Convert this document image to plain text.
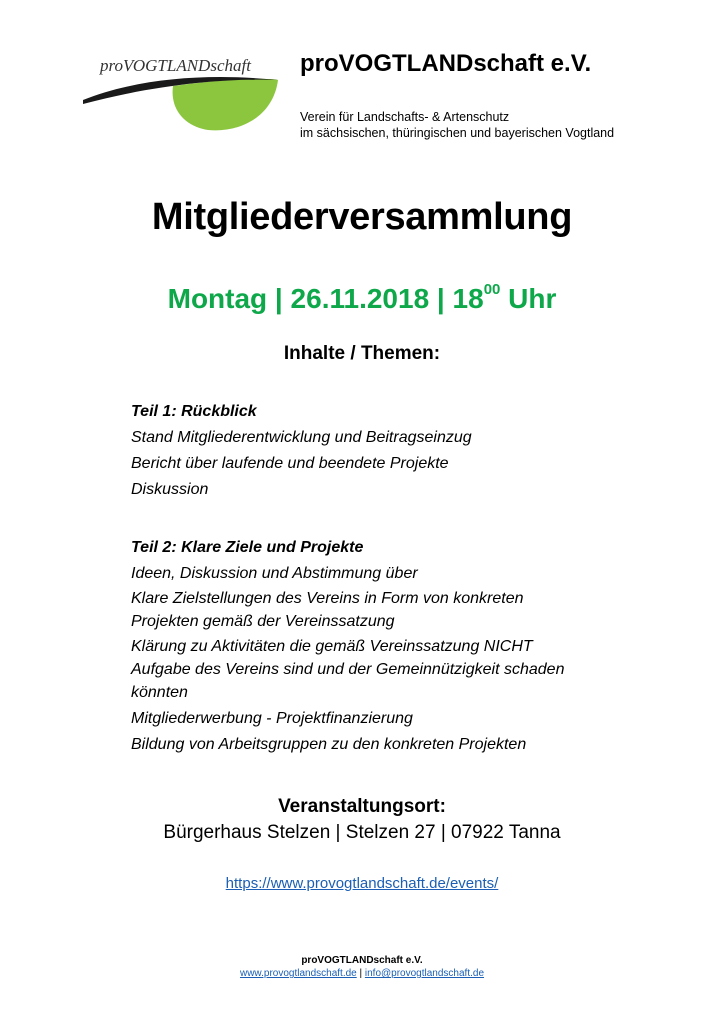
proVOGTLANDschaft proVOGTLANDschaft e.V.
Verein für Landschafts- & Artenschutz
im sächsischen, thüringischen und bayerischen Vogtland
Mitgliederversammlung
Montag | 26.11.2018 | $18^{00}$ Uhr
Inhalte / Themen:
Teil 1: Rückblick
Stand Mitgliederentwicklung und Beitragseinzug
Bericht über laufende und beendete Projekte
Diskussion
Teil 2: Klare Ziele und Projekte
Ideen, Diskussion und Abstimmung über
Klare Zielstellungen des Vereins in Form von konkreten
Projekten gemäß der Vereinssatzung
Klärung zu Aktivitäten die gemäß Vereinssatzung NICHT
Aufgabe des Vereins sind und der Gemeinnützigkeit schaden
könnten
Mitgliederwerbung - Projektfinanzierung
Bildung von Arbeitsgruppen zu den konkreten Projekten
Veranstaltungsort:
Bürgerhaus Stelzen | Stelzen 27 | 07922 Tanna
https://www.provogtlandschaft.de/events/
proVOGTLANDschaft e.V.
www.provogtlandschaft.de | info@provogtlandschaft.de
